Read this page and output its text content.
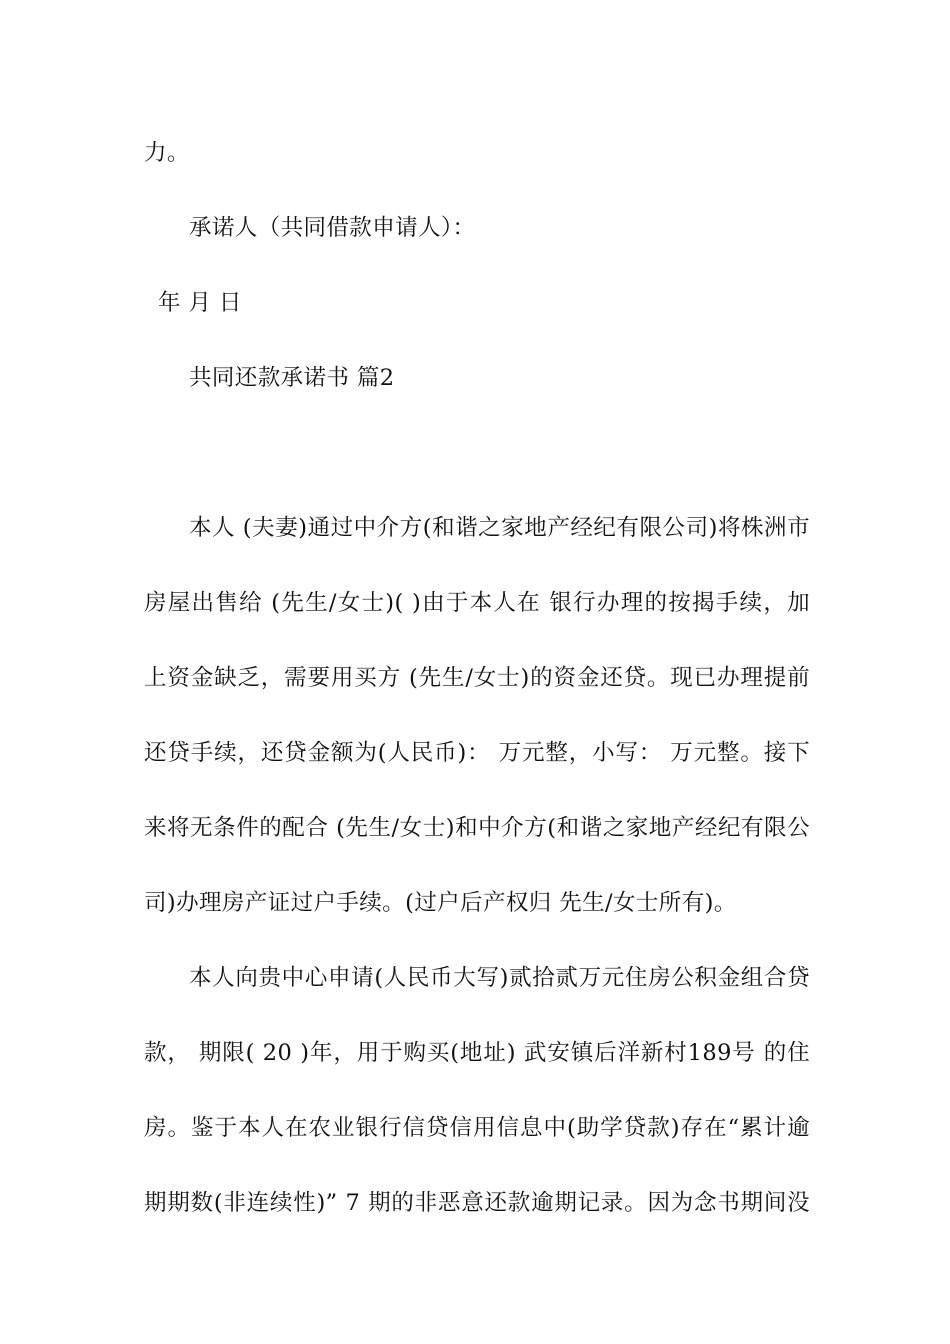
力。
承诺人（共同借款申请人）：
年 月 日
共同还款承诺书 篇2
本人 (夫妻)通过中介方(和谐之家地产经纪有限公司)将株洲市
房屋出售给 (先生/女士)( )由于本人在 银行办理的按揭手续，加
上资金缺乏，需要用买方 (先生/女士)的资金还贷。现已办理提前
还贷手续，还贷金额为(人民币)： 万元整，小写： 万元整。接下
来将无条件的配合 (先生/女士)和中介方(和谐之家地产经纪有限公
司)办理房产证过户手续。(过户后产权归 先生/女士所有)。
本人向贵中心申请(人民币大写)贰拾贰万元住房公积金组合贷
款， 期限( 20 )年，用于购买(地址) 武安镇后洋新村189号 的住
房。鉴于本人在农业银行信贷信用信息中(助学贷款)存在“累计逾
期期数(非连续性)” 7 期的非恶意还款逾期记录。因为念书期间没
